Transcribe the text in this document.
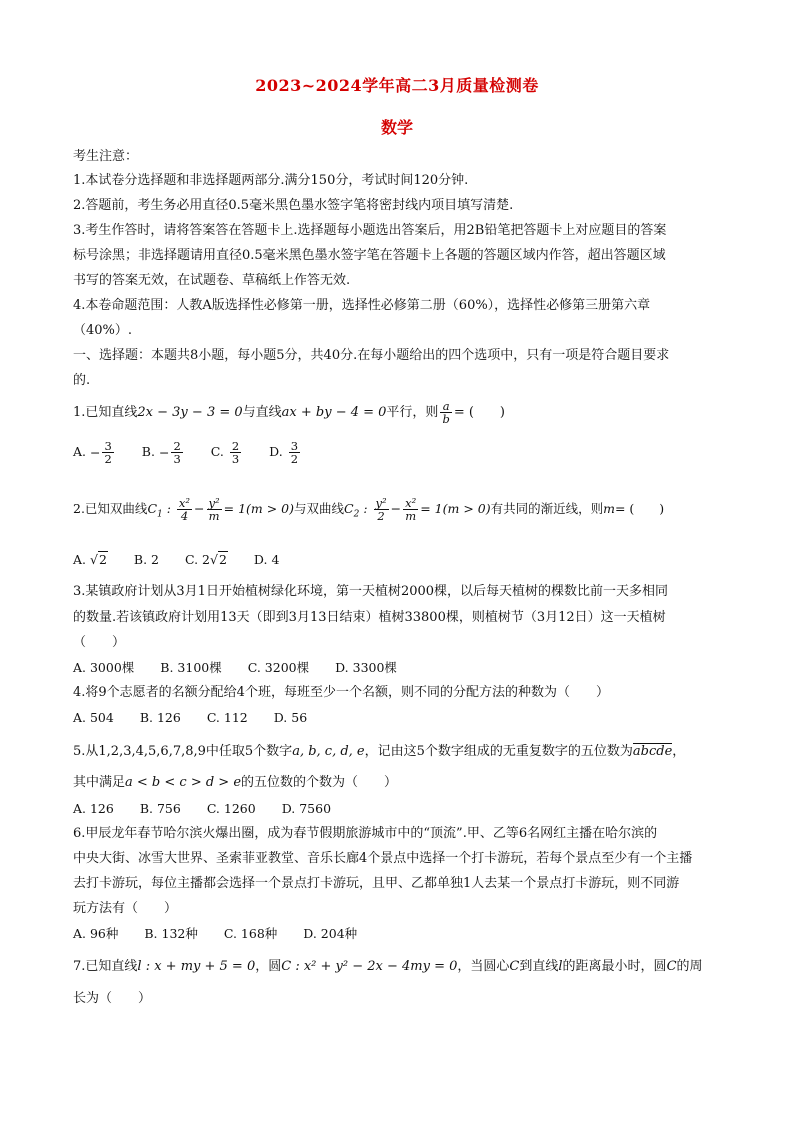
2023~2024学年高二3月质量检测卷
数学
考生注意：
1.本试卷分选择题和非选择题两部分.满分150分，考试时间120分钟.
2.答题前，考生务必用直径0.5毫米黑色墨水签字笔将密封线内项目填写清楚.
3.考生作答时，请将答案答在答题卡上.选择题每小题选出答案后，用2B铅笔把答题卡上对应题目的答案
标号涂黑；非选择题请用直径0.5毫米黑色墨水签字笔在答题卡上各题的答题区域内作答，超出答题区域
书写的答案无效，在试题卷、草稿纸上作答无效.
4.本卷命题范围：人教A版选择性必修第一册，选择性必修第二册（60%），选择性必修第三册第六章
（40%）.
一、选择题：本题共8小题，每小题5分，共40分.在每小题给出的四个选项中，只有一项是符合题目要求
的.
1.已知直线2x − 3y − 3 = 0与直线ax + by − 4 = 0平行，则 $\frac{a}{b}$ = (　　)
A. − $\frac{3}{2} B$. − $\frac{2}{3} C$. $\frac{2}{3} D$. $\frac{3}{2}$
2.已知双曲线$C_1$ : $\frac{\text{x²}}{4} - \frac{\text{y²}}{m} = 1(m > 0)$与双曲线$C_2$ : $\frac{\text{y²}}{2} - \frac{\text{x²}}{m} = 1(m > 0)$有共同的渐近线，则m= (　　)
A. √2 B. 2 C. 2√2 D. 4
3.某镇政府计划从3月1日开始植树绿化环境，第一天植树2000棵，以后每天植树的棵数比前一天多相同
的数量.若该镇政府计划用13天（即到3月13日结束）植树33800棵，则植树节（3月12日）这一天植树
（　　）
A. 3000棵 B. 3100棵 C. 3200棵 D. 3300棵
4.将9个志愿者的名额分配给4个班，每班至少一个名额，则不同的分配方法的种数为（　　）
A. 504 B. 126 C. 112 D. 56
5.从1,2,3,4,5,6,7,8,9中任取5个数字a, b, c, d, e，记由这5个数字组成的无重复数字的五位数为abcde，
其中满足a < b < c > d > e的五位数的个数为（　　）
A. 126 B. 756 C. 1260 D. 7560
6.甲辰龙年春节哈尔滨火爆出圈，成为春节假期旅游城市中的“顶流”.甲、乙等6名网红主播在哈尔滨的
中央大街、冰雪大世界、圣索菲亚教堂、音乐长廊4个景点中选择一个打卡游玩，若每个景点至少有一个主播
去打卡游玩，每位主播都会选择一个景点打卡游玩，且甲、乙都单独1人去某一个景点打卡游玩，则不同游
玩方法有（　　）
A. 96种 B. 132种 C. 168种 D. 204种
7.已知直线l : x + my + 5 = 0，圆C : x² + y² − 2x − 4my = 0，当圆心C到直线l的距离最小时，圆C的周
长为（　　）
